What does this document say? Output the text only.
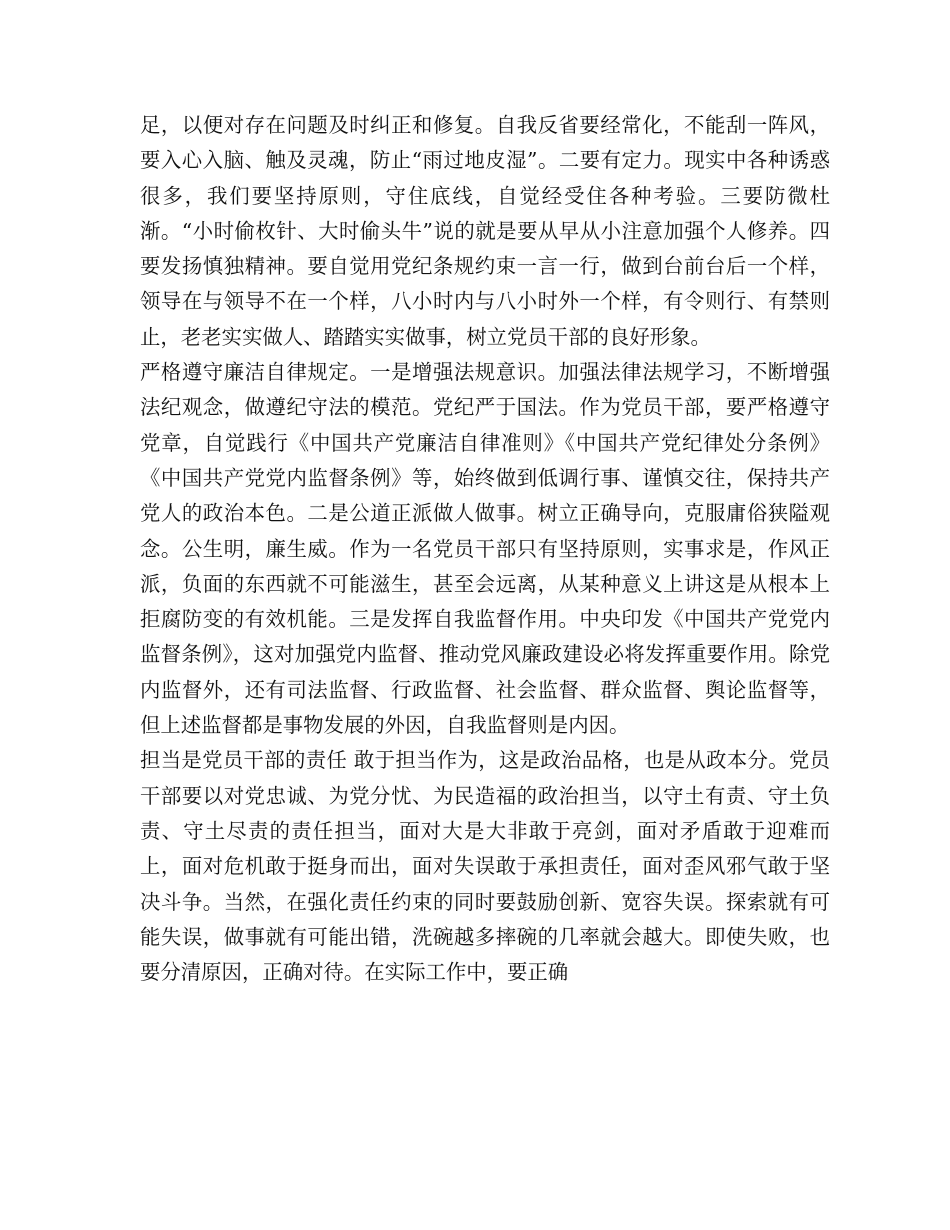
足，以便对存在问题及时纠正和修复。自我反省要经常化，不能刮一阵风，要入心入脑、触及灵魂，防止“雨过地皮湿”。二要有定力。现实中各种诱惑很多，我们要坚持原则，守住底线，自觉经受住各种考验。三要防微杜渐。“小时偷枚针、大时偷头牛”说的就是要从早从小注意加强个人修养。四要发扬慎独精神。要自觉用党纪条规约束一言一行，做到台前台后一个样，领导在与领导不在一个样，八小时内与八小时外一个样，有令则行、有禁则止，老老实实做人、踏踏实实做事，树立党员干部的良好形象。

严格遵守廉洁自律规定。一是增强法规意识。加强法律法规学习，不断增强法纪观念，做遵纪守法的模范。党纪严于国法。作为党员干部，要严格遵守党章，自觉践行《中国共产党廉洁自律准则》《中国共产党纪律处分条例》《中国共产党党内监督条例》等，始终做到低调行事、谨慎交往，保持共产党人的政治本色。二是公道正派做人做事。树立正确导向，克服庸俗狭隘观念。公生明，廉生威。作为一名党员干部只有坚持原则，实事求是，作风正派，负面的东西就不可能滋生，甚至会远离，从某种意义上讲这是从根本上拒腐防变的有效机能。三是发挥自我监督作用。中央印发《中国共产党党内监督条例》，这对加强党内监督、推动党风廉政建设必将发挥重要作用。除党内监督外，还有司法监督、行政监督、社会监督、群众监督、舆论监督等，但上述监督都是事物发展的外因，自我监督则是内因。

担当是党员干部的责任 敢于担当作为，这是政治品格，也是从政本分。党员干部要以对党忠诚、为党分忧、为民造福的政治担当，以守土有责、守土负责、守土尽责的责任担当，面对大是大非敢于亮剑，面对矛盾敢于迎难而上，面对危机敢于挺身而出，面对失误敢于承担责任，面对歪风邪气敢于坚决斗争。当然，在强化责任约束的同时要鼓励创新、宽容失误。探索就有可能失误，做事就有可能出错，洗碗越多摔碗的几率就会越大。即使失败，也要分清原因，正确对待。在实际工作中，要正确
